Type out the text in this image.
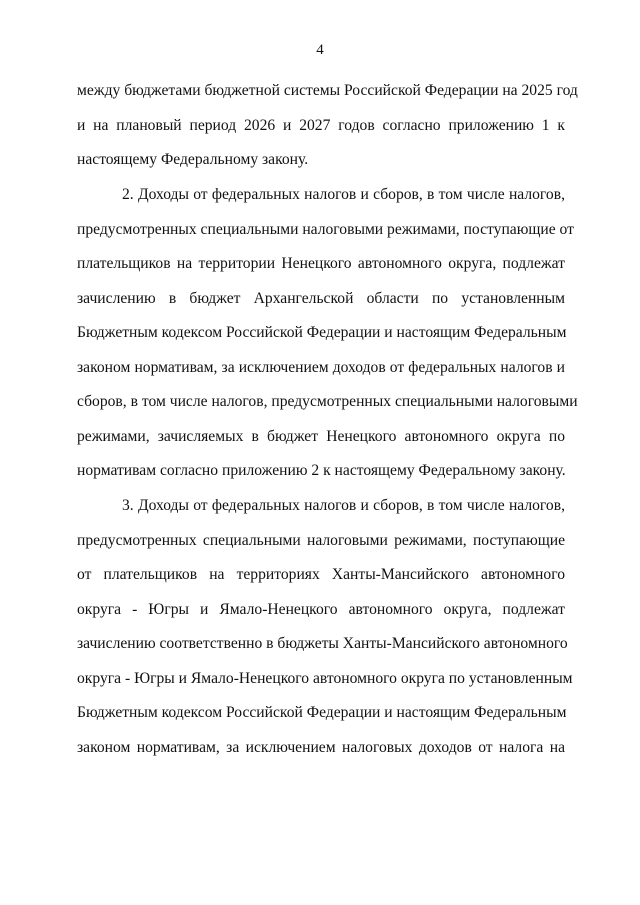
4
между бюджетами бюджетной системы Российской Федерации на 2025 год
и на плановый период 2026 и 2027 годов согласно приложению 1 к
настоящему Федеральному закону.
2. Доходы от федеральных налогов и сборов, в том числе налогов,
предусмотренных специальными налоговыми режимами, поступающие от
плательщиков на территории Ненецкого автономного округа, подлежат
зачислению в бюджет Архангельской области по установленным
Бюджетным кодексом Российской Федерации и настоящим Федеральным
законом нормативам, за исключением доходов от федеральных налогов и
сборов, в том числе налогов, предусмотренных специальными налоговыми
режимами, зачисляемых в бюджет Ненецкого автономного округа по
нормативам согласно приложению 2 к настоящему Федеральному закону.
3. Доходы от федеральных налогов и сборов, в том числе налогов,
предусмотренных специальными налоговыми режимами, поступающие
от плательщиков на территориях Ханты-Мансийского автономного
округа - Югры и Ямало-Ненецкого автономного округа, подлежат
зачислению соответственно в бюджеты Ханты-Мансийского автономного
округа - Югры и Ямало-Ненецкого автономного округа по установленным
Бюджетным кодексом Российской Федерации и настоящим Федеральным
законом нормативам, за исключением налоговых доходов от налога на
